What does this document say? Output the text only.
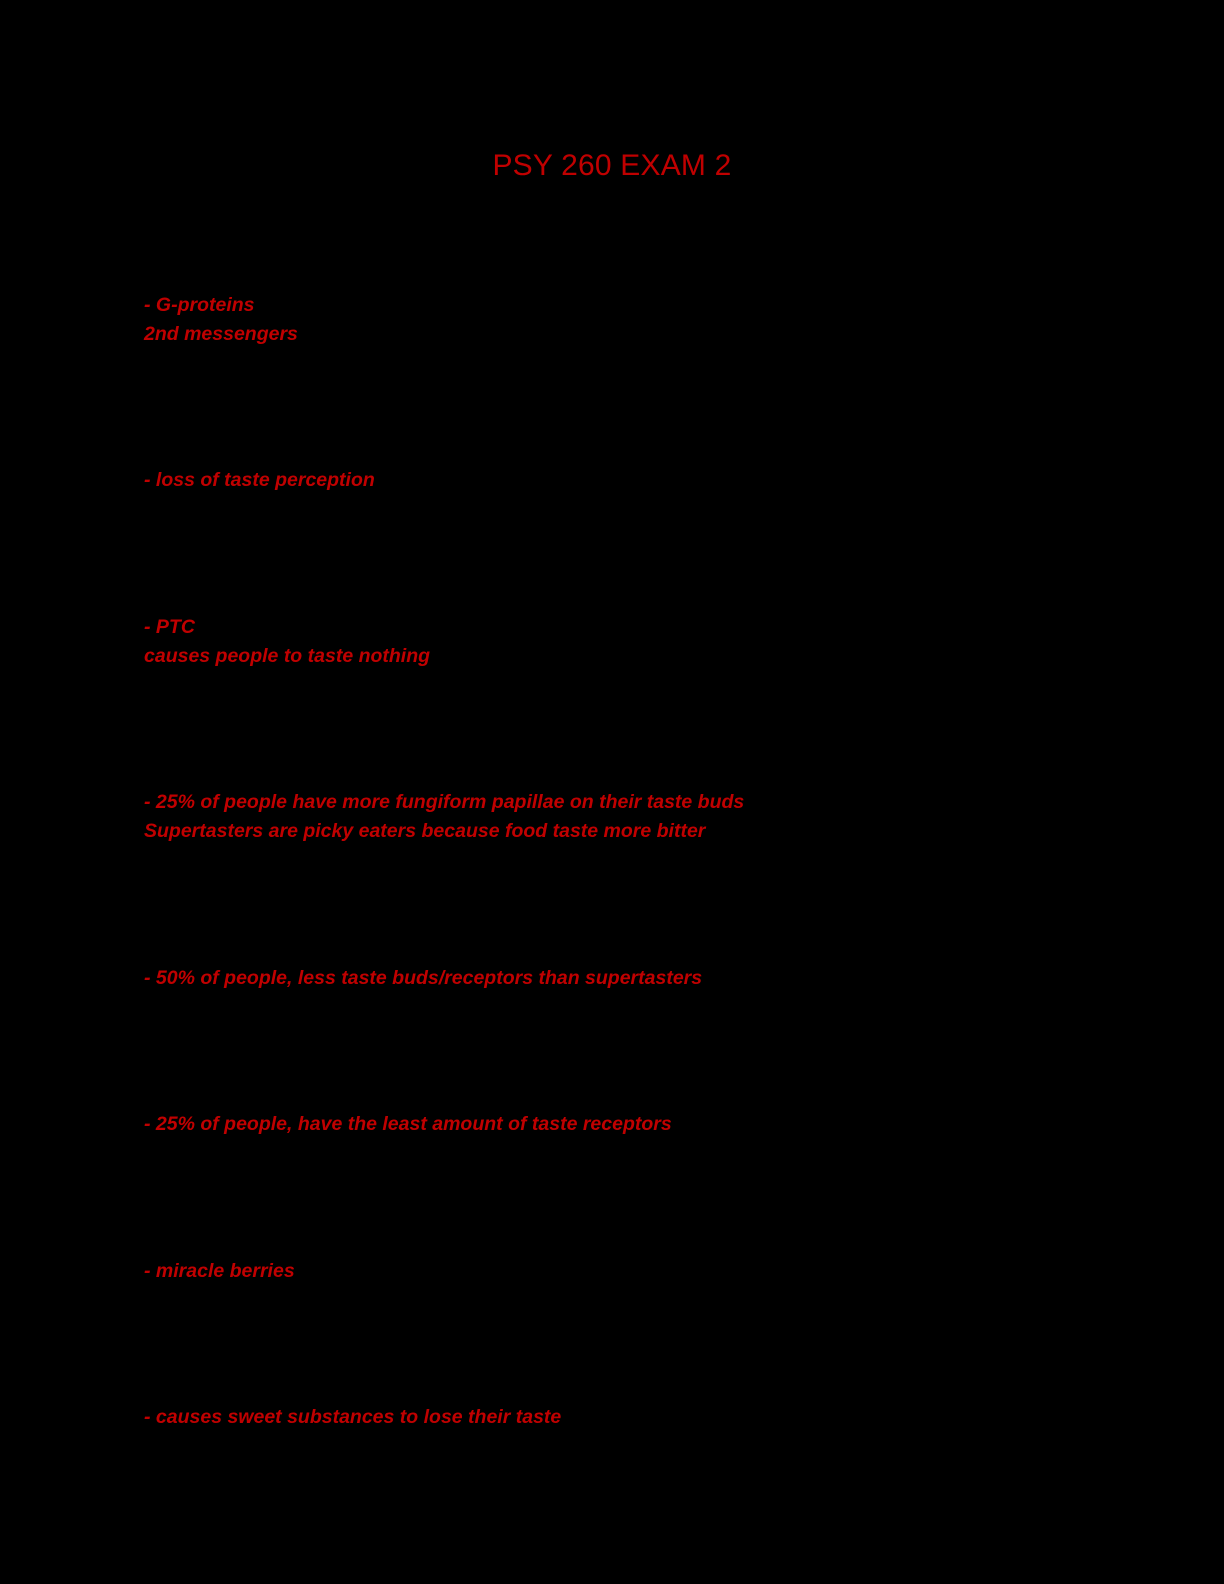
PSY 260 EXAM 2
- G-proteins
2nd messengers
- loss of taste perception
- PTC
causes people to taste nothing
- 25% of people have more fungiform papillae on their taste buds
Supertasters are picky eaters because food taste more bitter
- 50% of people, less taste buds/receptors than supertasters
- 25% of people, have the least amount of taste receptors
- miracle berries
- causes sweet substances to lose their taste
